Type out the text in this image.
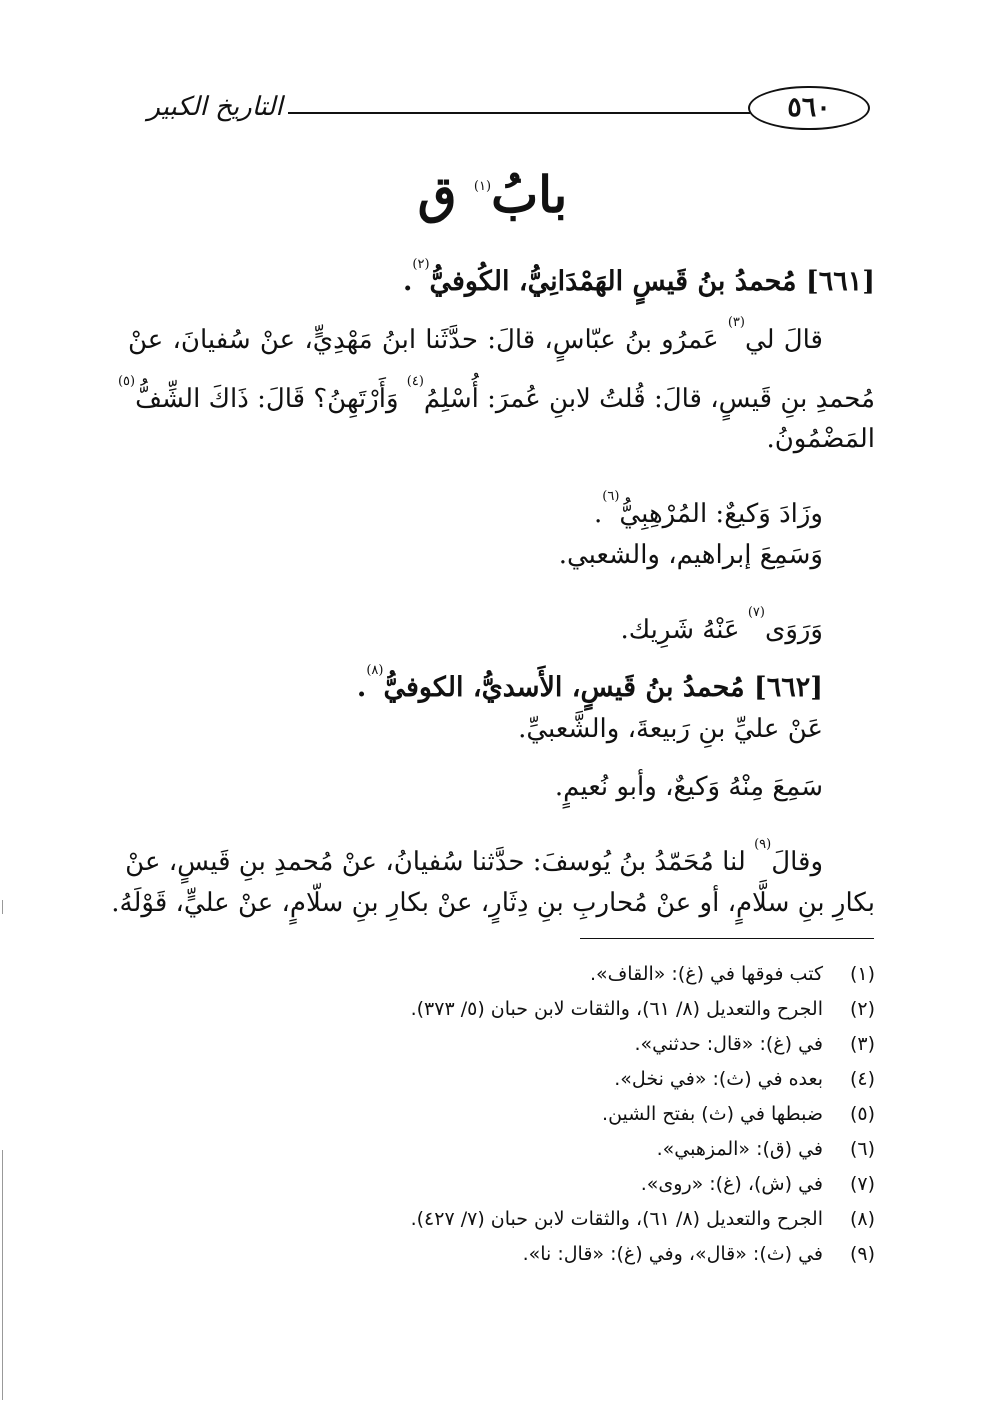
التاريخ الكبير	٥٦٠
بابُ$^{(١)}$ ق
[٦٦١] مُحمدُ بنُ قَيسٍ الهَمْدَانِيُّ، الكُوفيُّ$^{(٢)}$.
  قالَ لي$^{(٣)}$ عَمرُو بنُ عبّاسٍ، قالَ: حدَّثَنا ابنُ مَهْدِيٍّ، عنْ سُفيانَ، عنْ
مُحمدِ بنِ قَيسٍ، قالَ: قُلتُ لابنِ عُمرَ: أُسْلِمُ$^{(٤)}$ وَأَرْتَهِنُ؟ قَالَ: ذَاكَ الشِّفُّ$^{(٥)}$
المَضْمُونُ.
  وزَادَ وَكيعٌ: المُرْهِبِيُّ$^{(٦)}$.
  وَسَمِعَ إبراهيم، والشعبي.
  وَرَوَى$^{(٧)}$ عَنْهُ شَرِيك.
  [٦٦٢] مُحمدُ بنُ قَيسٍ، الأَسديُّ، الكوفيُّ$^{(٨)}$.
  عَنْ عليِّ بنِ رَبيعةَ، والشَّعبيِّ.
  سَمِعَ مِنْهُ وَكيعٌ، وأبو نُعيمٍ.
  وقالَ$^{(٩)}$ لنا مُحَمّدُ بنُ يُوسفَ: حدَّثنا سُفيانُ، عنْ مُحمدِ بنِ قَيسٍ، عنْ
بكارِ بنِ سلَّامٍ، أو عنْ مُحاربِ بنِ دِثَارٍ، عنْ بكارِ بنِ سلّامٍ، عنْ عليٍّ، قَوْلَهُ.
(١)كتب فوقها في (غ): «القاف».
(٢)الجرح والتعديل (٨/ ٦١)، والثقات لابن حبان (٥/ ٣٧٣).
(٣)في (غ): «قال: حدثني».
(٤)بعده في (ث): «في نخل».
(٥)ضبطها في (ث) بفتح الشين.
(٦)في (ق): «المزهبي».
(٧)في (ش)، (غ): «روى».
(٨)الجرح والتعديل (٨/ ٦١)، والثقات لابن حبان (٧/ ٤٢٧).
(٩)في (ث): «قال»، وفي (غ): «قال: نا».
